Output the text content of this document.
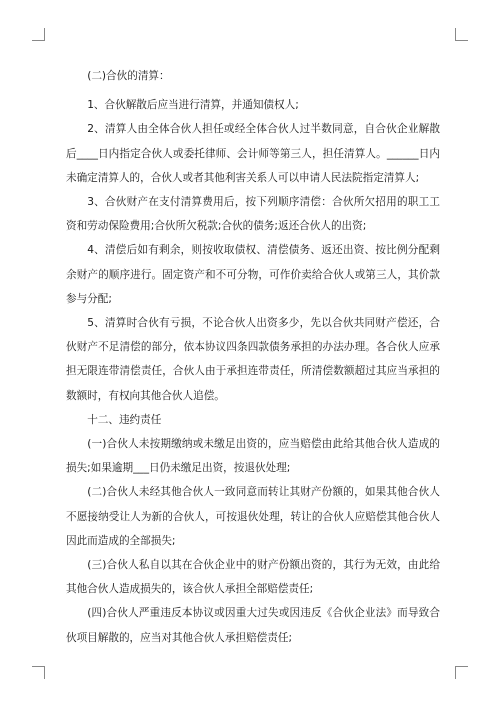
(二)合伙的清算：

1、合伙解散后应当进行清算，并通知债权人;

2、清算人由全体合伙人担任或经全体合伙人过半数同意，自合伙企业解散后____日内指定合伙人或委托律师、会计师等第三人，担任清算人。______日内未确定清算人的，合伙人或者其他利害关系人可以申请人民法院指定清算人;

3、合伙财产在支付清算费用后，按下列顺序清偿：合伙所欠招用的职工工资和劳动保险费用;合伙所欠税款;合伙的债务;返还合伙人的出资;

4、清偿后如有剩余，则按收取债权、清偿债务、返还出资、按比例分配剩余财产的顺序进行。固定资产和不可分物，可作价卖给合伙人或第三人，其价款参与分配;

5、清算时合伙有亏损，不论合伙人出资多少，先以合伙共同财产偿还，合伙财产不足清偿的部分，依本协议四条四款债务承担的办法办理。各合伙人应承担无限连带清偿责任，合伙人由于承担连带责任，所清偿数额超过其应当承担的数额时，有权向其他合伙人追偿。

十二、违约责任

(一)合伙人未按期缴纳或未缴足出资的，应当赔偿由此给其他合伙人造成的损失;如果逾期___日仍未缴足出资，按退伙处理;

(二)合伙人未经其他合伙人一致同意而转让其财产份额的，如果其他合伙人不愿接纳受让人为新的合伙人，可按退伙处理，转让的合伙人应赔偿其他合伙人因此而造成的全部损失;

(三)合伙人私自以其在合伙企业中的财产份额出资的，其行为无效，由此给其他合伙人造成损失的，该合伙人承担全部赔偿责任;

(四)合伙人严重违反本协议或因重大过失或因违反《合伙企业法》而导致合伙项目解散的，应当对其他合伙人承担赔偿责任;
